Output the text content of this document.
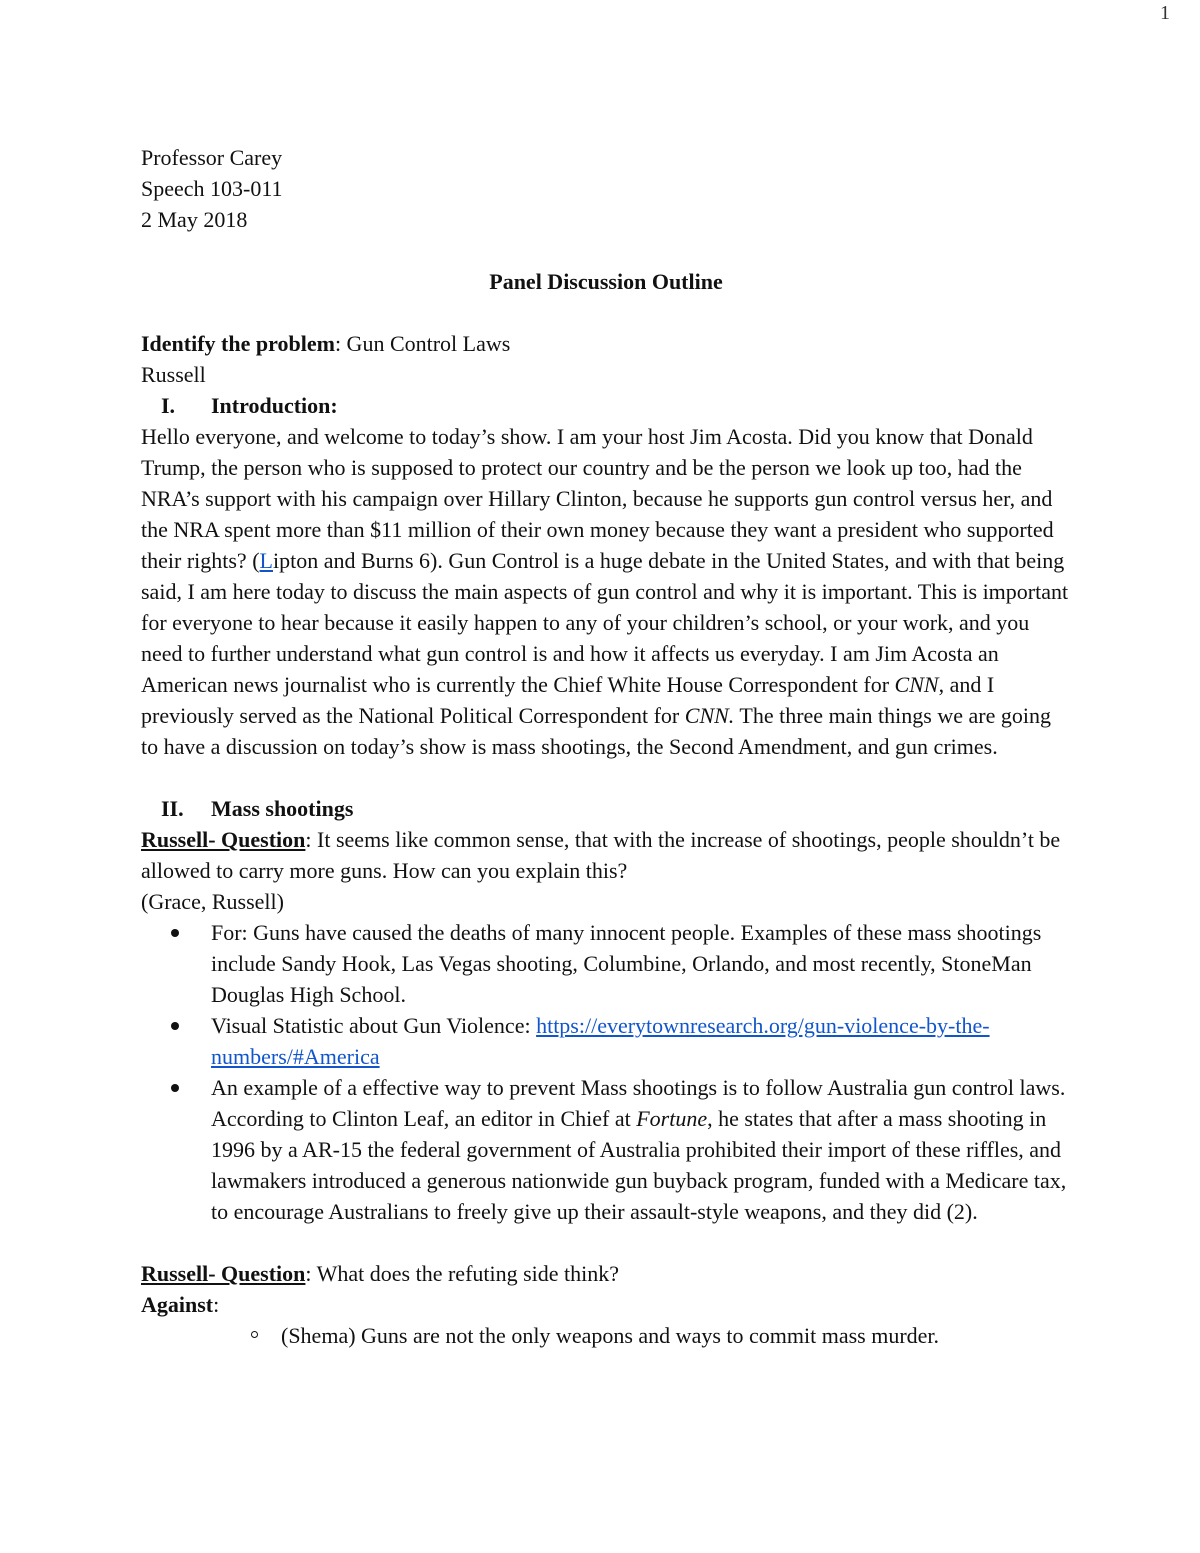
1
Professor Carey
Speech 103-011
2 May 2018
Panel Discussion Outline
Identify the problem: Gun Control Laws
Russell
I.	Introduction:
Hello everyone, and welcome to today’s show. I am your host Jim Acosta. Did you know that Donald Trump, the person who is supposed to protect our country and be the person we look up too, had the NRA’s support with his campaign over Hillary Clinton, because he supports gun control versus her, and the NRA spent more than $11 million of their own money because they want a president who supported their rights? (Lipton and Burns 6). Gun Control is a huge debate in the United States, and with that being said, I am here today to discuss the main aspects of gun control and why it is important. This is important for everyone to hear because it easily happen to any of your children’s school, or your work, and you need to further understand what gun control is and how it affects us everyday. I am Jim Acosta an American news journalist who is currently the Chief White House Correspondent for CNN, and I previously served as the National Political Correspondent for CNN. The three main things we are going to have a discussion on today’s show is mass shootings, the Second Amendment, and gun crimes.
II.	Mass shootings
Russell- Question: It seems like common sense, that with the increase of shootings, people shouldn’t be allowed to carry more guns. How can you explain this?
(Grace, Russell)
For: Guns have caused the deaths of many innocent people. Examples of these mass shootings include Sandy Hook, Las Vegas shooting, Columbine, Orlando, and most recently, StoneMan Douglas High School.
Visual Statistic about Gun Violence: https://everytownresearch.org/gun-violence-by-the-numbers/#America
An example of a effective way to prevent Mass shootings is to follow Australia gun control laws. According to Clinton Leaf, an editor in Chief at Fortune, he states that after a mass shooting in 1996 by a AR-15 the federal government of Australia prohibited their import of these riffles, and lawmakers introduced a generous nationwide gun buyback program, funded with a Medicare tax, to encourage Australians to freely give up their assault-style weapons, and they did (2).
Russell- Question: What does the refuting side think?
Against:
(Shema) Guns are not the only weapons and ways to commit mass murder.
